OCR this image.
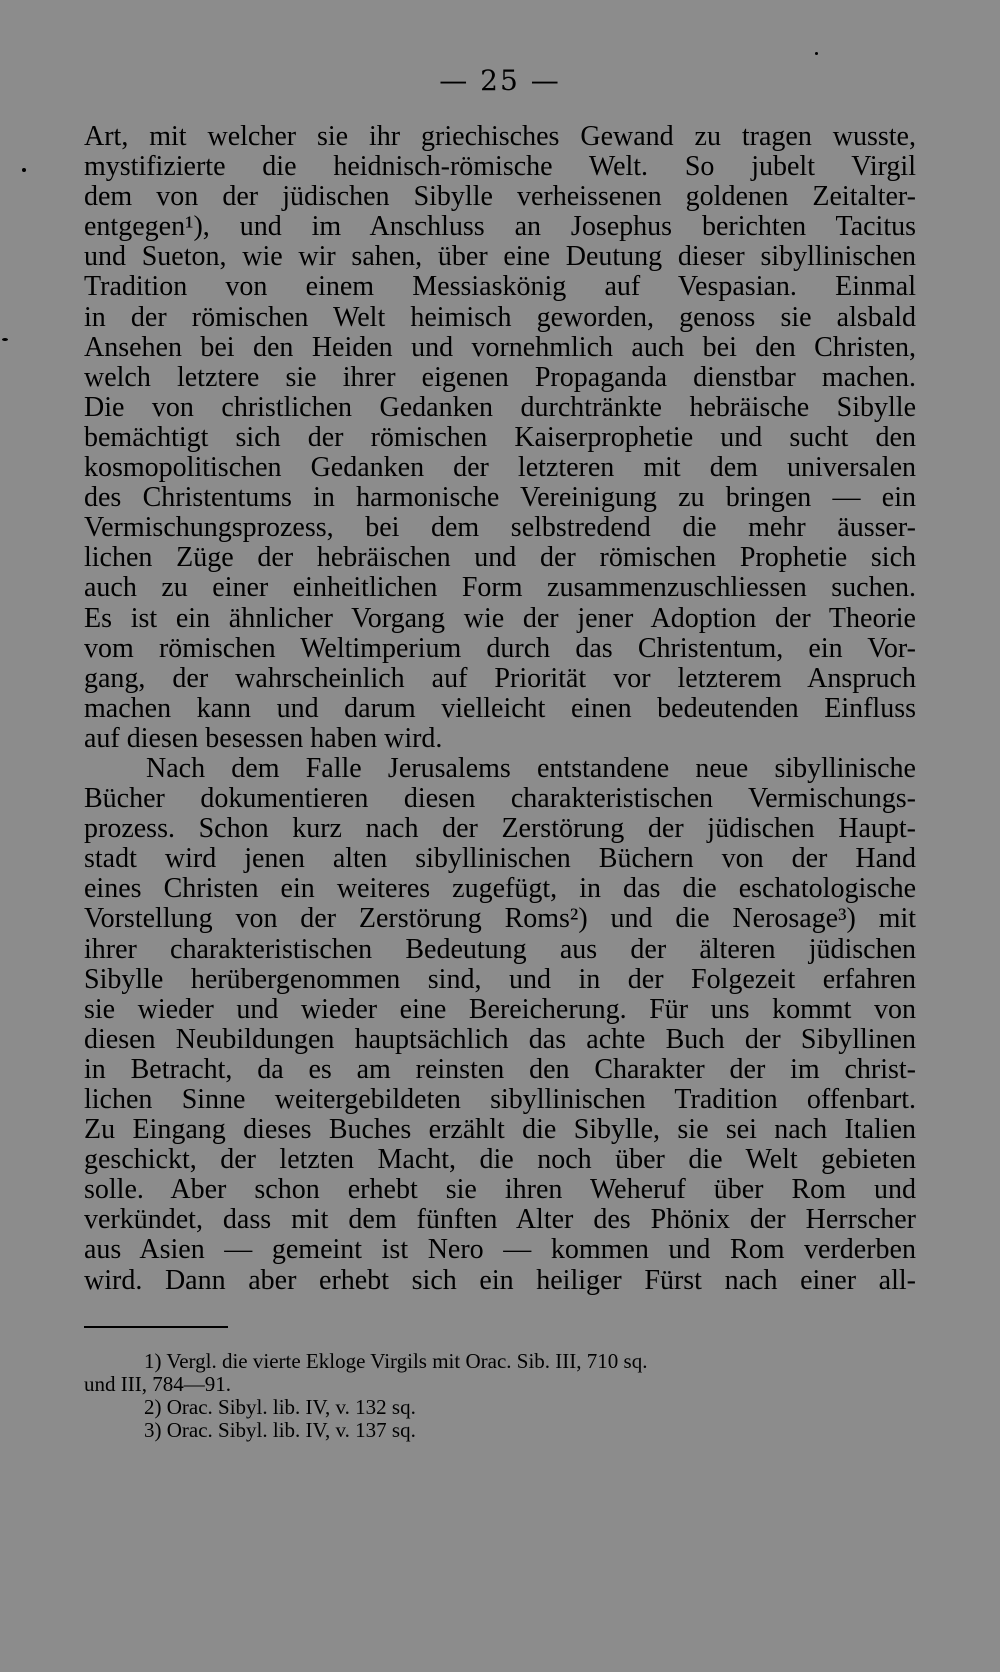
— 25 —
Art, mit welcher sie ihr griechisches Gewand zu tragen wusste,
mystifizierte die heidnisch-römische Welt. So jubelt Virgil
dem von der jüdischen Sibylle verheissenen goldenen Zeitalter-
entgegen¹), und im Anschluss an Josephus berichten Tacitus
und Sueton, wie wir sahen, über eine Deutung dieser sibyllinischen
Tradition von einem Messiaskönig auf Vespasian. Einmal
in der römischen Welt heimisch geworden, genoss sie alsbald
Ansehen bei den Heiden und vornehmlich auch bei den Christen,
welch letztere sie ihrer eigenen Propaganda dienstbar machen.
Die von christlichen Gedanken durchtränkte hebräische Sibylle
bemächtigt sich der römischen Kaiserprophetie und sucht den
kosmopolitischen Gedanken der letzteren mit dem universalen
des Christentums in harmonische Vereinigung zu bringen — ein
Vermischungsprozess, bei dem selbstredend die mehr äusser-
lichen Züge der hebräischen und der römischen Prophetie sich
auch zu einer einheitlichen Form zusammenzuschliessen suchen.
Es ist ein ähnlicher Vorgang wie der jener Adoption der Theorie
vom römischen Weltimperium durch das Christentum, ein Vor-
gang, der wahrscheinlich auf Priorität vor letzterem Anspruch
machen kann und darum vielleicht einen bedeutenden Einfluss
auf diesen besessen haben wird.
Nach dem Falle Jerusalems entstandene neue sibyllinische
Bücher dokumentieren diesen charakteristischen Vermischungs-
prozess. Schon kurz nach der Zerstörung der jüdischen Haupt-
stadt wird jenen alten sibyllinischen Büchern von der Hand
eines Christen ein weiteres zugefügt, in das die eschatologische
Vorstellung von der Zerstörung Roms²) und die Nerosage³) mit
ihrer charakteristischen Bedeutung aus der älteren jüdischen
Sibylle herübergenommen sind, und in der Folgezeit erfahren
sie wieder und wieder eine Bereicherung. Für uns kommt von
diesen Neubildungen hauptsächlich das achte Buch der Sibyllinen
in Betracht, da es am reinsten den Charakter der im christ-
lichen Sinne weitergebildeten sibyllinischen Tradition offenbart.
Zu Eingang dieses Buches erzählt die Sibylle, sie sei nach Italien
geschickt, der letzten Macht, die noch über die Welt gebieten
solle. Aber schon erhebt sie ihren Weheruf über Rom und
verkündet, dass mit dem fünften Alter des Phönix der Herrscher
aus Asien — gemeint ist Nero — kommen und Rom verderben
wird. Dann aber erhebt sich ein heiliger Fürst nach einer all-
1) Vergl. die vierte Ekloge Virgils mit Orac. Sib. III, 710 sq.
und III, 784—91.
2) Orac. Sibyl. lib. IV, v. 132 sq.
3) Orac. Sibyl. lib. IV, v. 137 sq.
